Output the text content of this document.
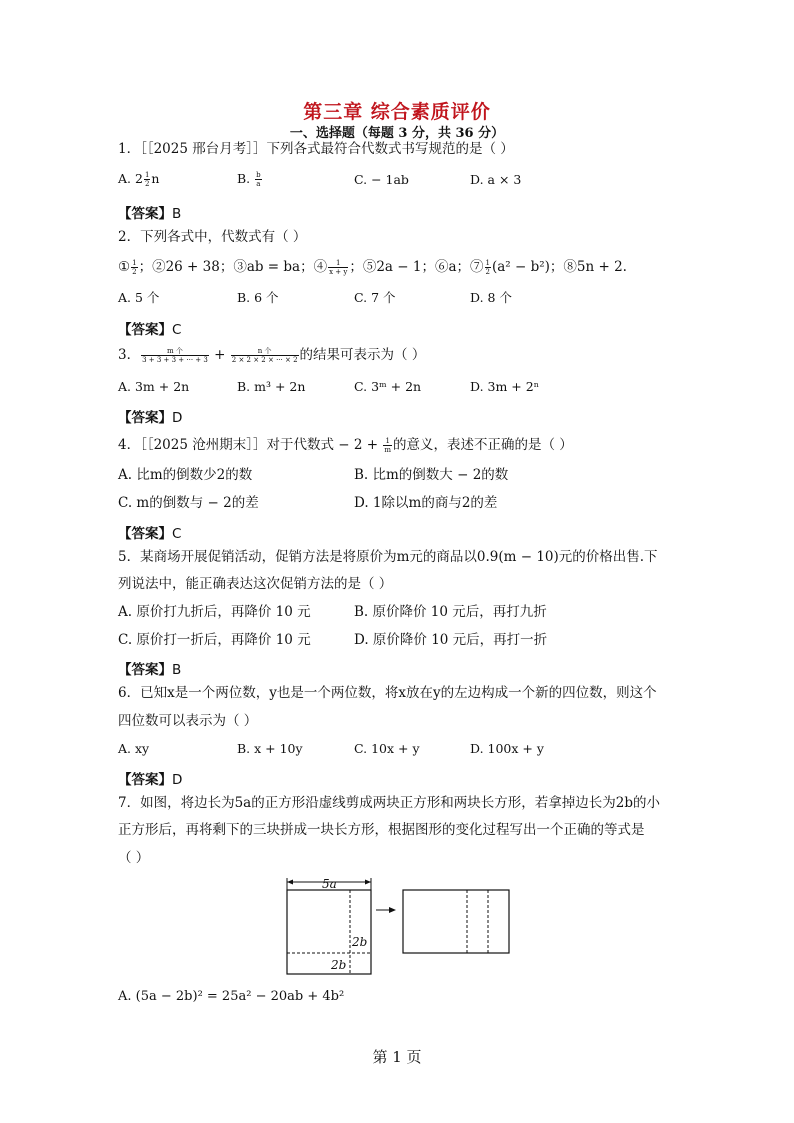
第三章 综合素质评价
一、选择题（每题 3 分，共 36 分）
1．［［2025 邢台月考］］下列各式最符合代数式书写规范的是（ ）
A. $2 \frac{1}{2}$ n	B. $\frac{b}{a}$	C. − 1ab	D. a × 3
【答案】B
2．下列各式中，代数式有（ ）
① $\frac{1}{2}$ ；②26 + 38；③ab = ba；④ $\frac{1}{x + y}$ ；⑤2a − 1；⑥a；⑦ $\frac{1}{2} (a^2 - b^2)$；⑧5n + 2.
A. 5 个	B. 6 个	C. 7 个	D. 8 个
【答案】C
3． $\frac{\text{m 个}}{3 + 3 + 3 + \cdot\cdot\cdot + 3} + \frac{\text{n 个}}{2 \times 2 \times 2 \times \cdot\cdot\cdot \times 2}$ 的结果可表示为（ ）
A. 3m + 2n	B. m³ + 2n	C. 3ᵐ + 2n	D. 3m + 2ⁿ
【答案】D
4．［［2025 沧州期末］］对于代数式 − $2 + \frac{1}{m}$ 的意义，表述不正确的是（ ）
A. 比m的倒数少2的数	B. 比m的倒数大 − 2的数
C. m的倒数与 − 2的差	D. 1除以m的商与2的差
【答案】C
5．某商场开展促销活动，促销方法是将原价为m元的商品以0.9(m − 10)元的价格出售.下
列说法中，能正确表达这次促销方法的是（ ）
A. 原价打九折后，再降价 10 元	B. 原价降价 10 元后，再打九折
C. 原价打一折后，再降价 10 元	D. 原价降价 10 元后，再打一折
【答案】B
6．已知x是一个两位数，y也是一个两位数，将x放在y的左边构成一个新的四位数，则这个
四位数可以表示为（ ）
A. xy	B. x + 10y	C. 10x + y	D. 100x + y
【答案】D
7．如图，将边长为5a的正方形沿虚线剪成两块正方形和两块长方形，若拿掉边长为2b的小
正方形后，再将剩下的三块拼成一块长方形，根据图形的变化过程写出一个正确的等式是
（ ）
5a
2b
2b
A. (5a − 2b)² = 25a² − 20ab + 4b²
第 1 页
